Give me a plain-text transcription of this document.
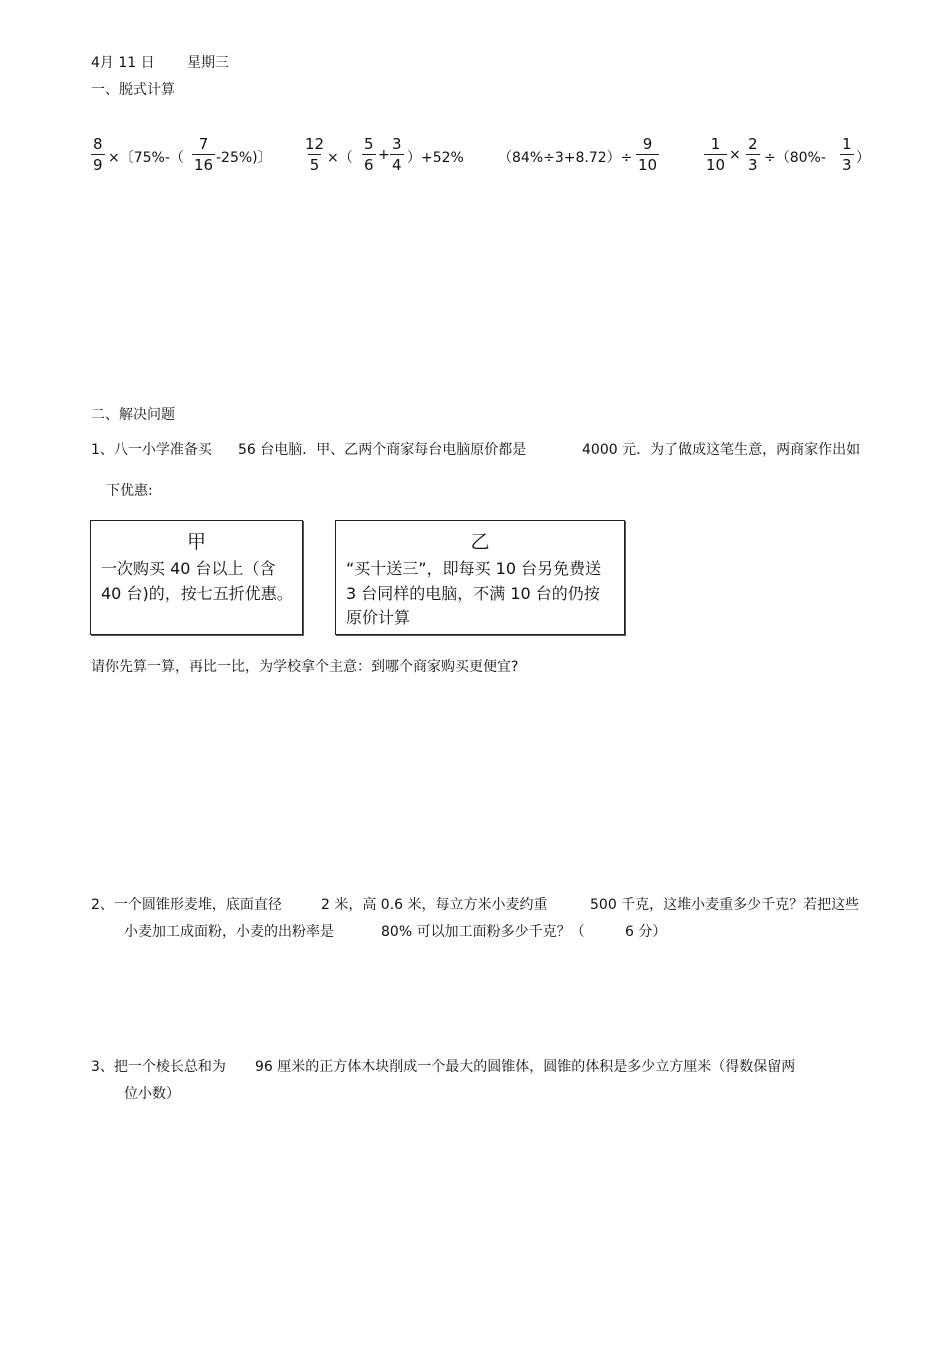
4月 11 日 星期三
一、脱式计算
$\frac{8}{9}$ ×〔$75\%-( \frac{7}{16} -25\%)$〕 $\frac{12}{5}$ ×（ $\frac{5}{6} + \frac{3}{4} )+52\%$ $(84\%\div 3+8.72)\div \frac{9}{10}$	$\frac{1}{10} \times \frac{2}{3} \div(80\%- \frac{1}{3}$ ）
二、解决问题
1、八一小学准备买 56 台电脑．甲、乙两个商家每台电脑原价都是	4000 元．为了做成这笔生意，两商家作出如
下优惠:
甲
一次购买 40 台以上（含
40 台)的，按七五折优惠。
乙
“买十送三”，即每买 10 台另免费送
3 台同样的电脑，不满 10 台的仍按
原价计算
请你先算一算，再比一比，为学校拿个主意：到哪个商家购买更便宜?
2、一个圆锥形麦堆，底面直径	2 米，高 0.6 米，每立方米小麦约重	500 千克，这堆小麦重多少千克？若把这些
小麦加工成面粉，小麦的出粉率是	80% 可以加工面粉多少千克？（	6 分）
3、把一个棱长总和为 96 厘米的正方体木块削成一个最大的圆锥体，圆锥的体积是多少立方厘米（得数保留两
位小数）
